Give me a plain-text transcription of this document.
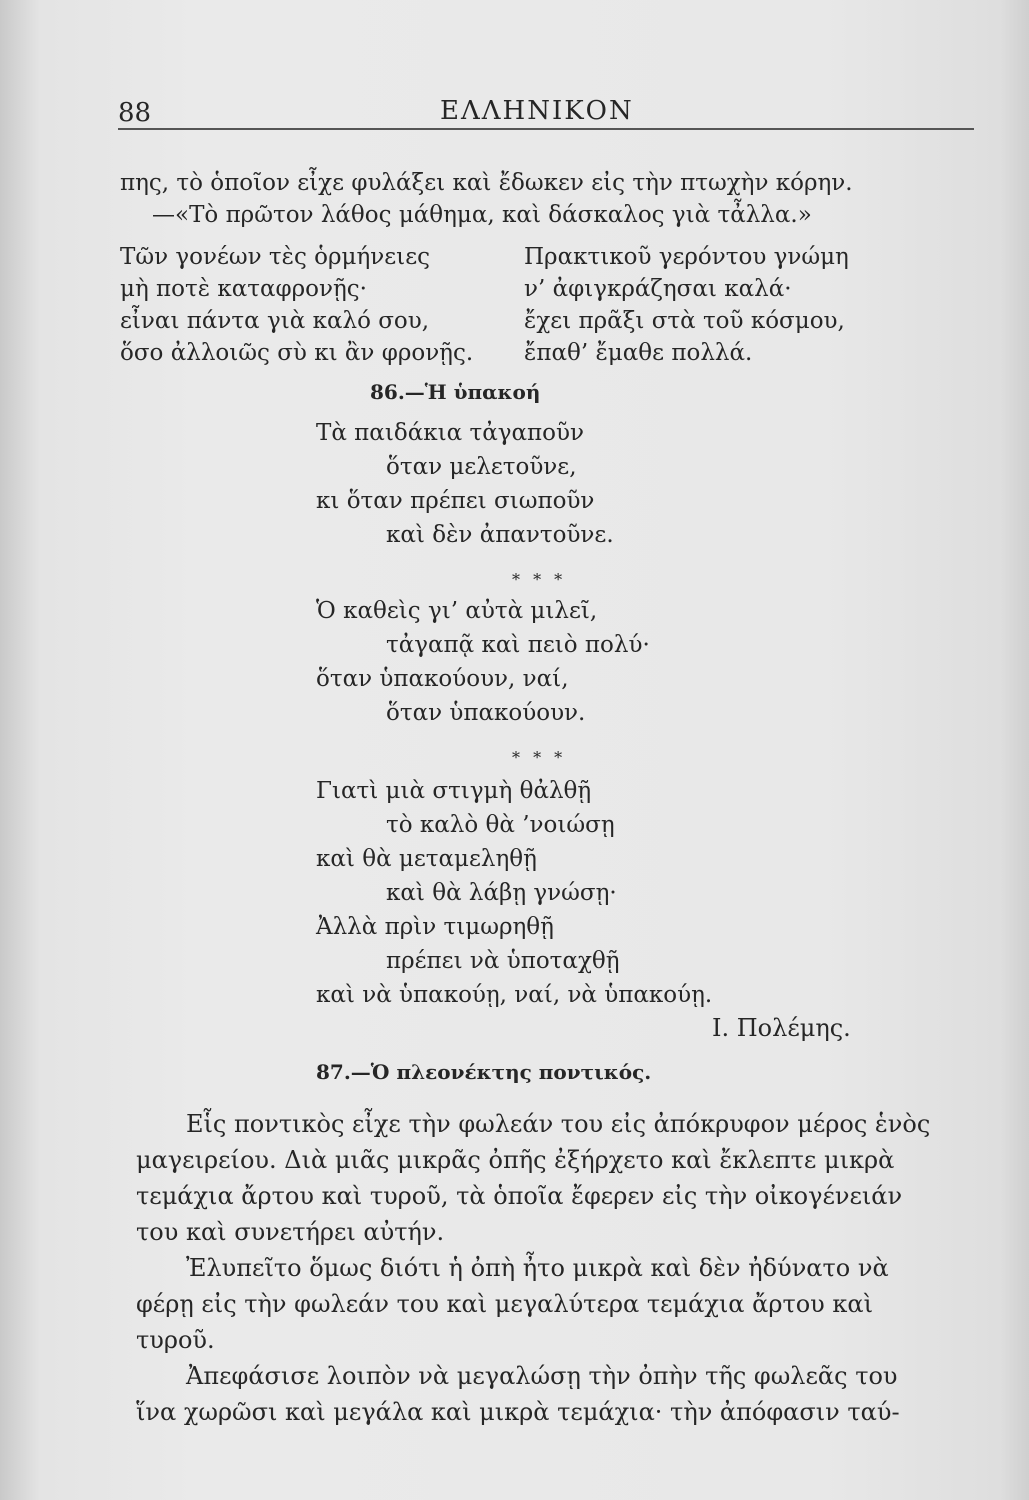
88	ΕΛΛΗΝΙΚΟΝ
πης, τὸ ὁποῖον εἶχε φυλάξει καὶ ἔδωκεν εἰς τὴν πτωχὴν κόρην.
—«Τὸ πρῶτον λάθος μάθημα, καὶ δάσκαλος γιὰ τἆλλα.»
Τῶν γονέων τὲς ὁρμήνειες
μὴ ποτὲ καταφρονῇς·
εἶναι πάντα γιὰ καλό σου,
ὅσο ἀλλοιῶς σὺ κι ἂν φρονῇς.
Πρακτικοῦ γερόντου γνώμη
ν’ ἀφιγκράζησαι καλά·
ἔχει πρᾶξι στὰ τοῦ κόσμου,
ἔπαθ’ ἔμαθε πολλά.
86.—Ἡ ὑπακοή
Τὰ παιδάκια τἀγαποῦν
ὅταν μελετοῦνε,
κι ὅταν πρέπει σιωποῦν
καὶ δὲν ἀπαντοῦνε.
* * *
Ὁ καθεὶς γι’ αὐτὰ μιλεῖ,
τἀγαπᾷ καὶ πειὸ πολύ·
ὅταν ὑπακούουν, ναί,
ὅταν ὑπακούουν.
* * *
Γιατὶ μιὰ στιγμὴ θἀλθῇ
τὸ καλὸ θὰ ’νοιώσῃ
καὶ θὰ μεταμεληθῇ
καὶ θὰ λάβῃ γνώσῃ·
Ἀλλὰ πρὶν τιμωρηθῇ
πρέπει νὰ ὑποταχθῇ
καὶ νὰ ὑπακούῃ, ναί, νὰ ὑπακούῃ.
Ι. Πολέμης.
87.—Ὁ πλεονέκτης ποντικός.
Εἷς ποντικὸς εἶχε τὴν φωλεάν του εἰς ἀπόκρυφον μέρος ἑνὸς
μαγειρείου. Διὰ μιᾶς μικρᾶς ὀπῆς ἐξήρχετο καὶ ἔκλεπτε μικρὰ
τεμάχια ἄρτου καὶ τυροῦ, τὰ ὁποῖα ἔφερεν εἰς τὴν οἰκογένειάν
του καὶ συνετήρει αὐτήν.
Ἐλυπεῖτο ὅμως διότι ἡ ὀπὴ ἦτο μικρὰ καὶ δὲν ἠδύνατο νὰ
φέρῃ εἰς τὴν φωλεάν του καὶ μεγαλύτερα τεμάχια ἄρτου καὶ
τυροῦ.
Ἀπεφάσισε λοιπὸν νὰ μεγαλώσῃ τὴν ὀπὴν τῆς φωλεᾶς του
ἵνα χωρῶσι καὶ μεγάλα καὶ μικρὰ τεμάχια· τὴν ἀπόφασιν ταύ-
